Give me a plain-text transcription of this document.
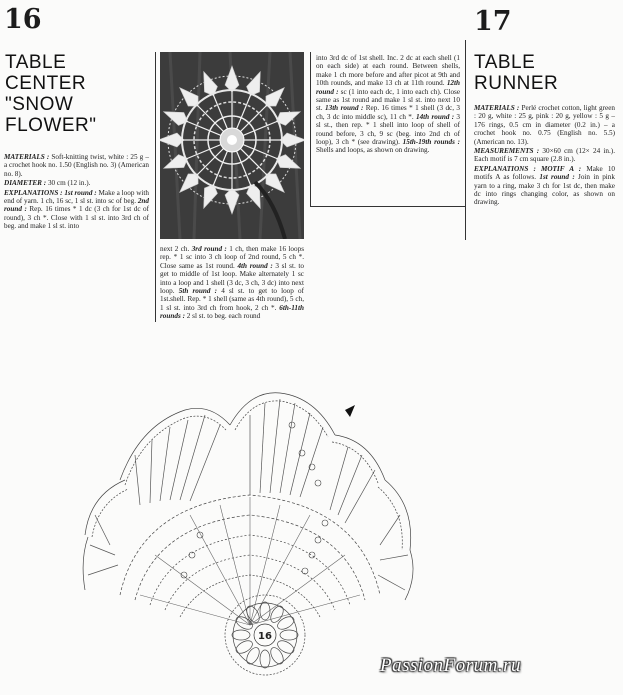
16
TABLE
CENTER
"SNOW
FLOWER"

MATERIALS : Soft-knitting twist, white : 25 g – a crochet hook no. 1.50 (English no. 3) (American no. 8).

DIAMETER : 30 cm (12 in.).

EXPLANATIONS : 1st round : Make a loop with end of yarn. 1 ch, 16 sc, 1 sl st. into sc of beg. 2nd round : Rep. 16 times * 1 dc (3 ch for 1st dc of round), 3 ch *. Close with 1 sl st. into 3rd ch of beg. and make 1 sl st. into

next 2 ch. 3rd round : 1 ch, then make 16 loops rep. * 1 sc into 3 ch loop of 2nd round, 5 ch *. Close same as 1st round. 4th round : 3 sl st. to get to middle of 1st loop. Make alternately 1 sc into a loop and 1 shell (3 dc, 3 ch, 3 dc) into next loop. 5th round : 4 sl st. to get to loop of 1st.shell. Rep. * 1 shell (same as 4th round), 5 ch, 1 sl st. into 3rd ch from hook, 2 ch *. 6th-11th rounds : 2 sl st. to beg. each round

into 3rd dc of 1st shell. Inc. 2 dc at each shell (1 on each side) at each round. Between shells, make 1 ch more before and after picot at 9th and 10th rounds, and make 13 ch at 11th round. 12th round : sc (1 into each dc, 1 into each ch). Close same as 1st round and make 1 sl st. into next 10 st. 13th round : Rep. 16 times * 1 shell (3 dc, 3 ch, 3 dc into middle sc), 11 ch *. 14th round : 3 sl st., then rep. * 1 shell into loop of shell of round before, 3 ch, 9 sc (beg. into 2nd ch of loop), 3 ch * (see drawing). 15th-19th rounds : Shells and loops, as shown on drawing.

17
TABLE
RUNNER

MATERIALS : Perlé crochet cotton, light green : 20 g, white : 25 g, pink : 20 g, yellow : 5 g – 176 rings, 0.5 cm in diameter (0.2 in.) – a crochet hook no. 0.75 (English no. 5.5) (American no. 13).

MEASUREMENTS : 30×60 cm (12× 24 in.). Each motif is 7 cm square (2.8 in.).

EXPLANATIONS : MOTIF A : Make 10 motifs A as follows. 1st round : Join in pink yarn to a ring, make 3 ch for 1st dc, then make dc into rings changing color, as shown on drawing.

16
PassionForum.ru
